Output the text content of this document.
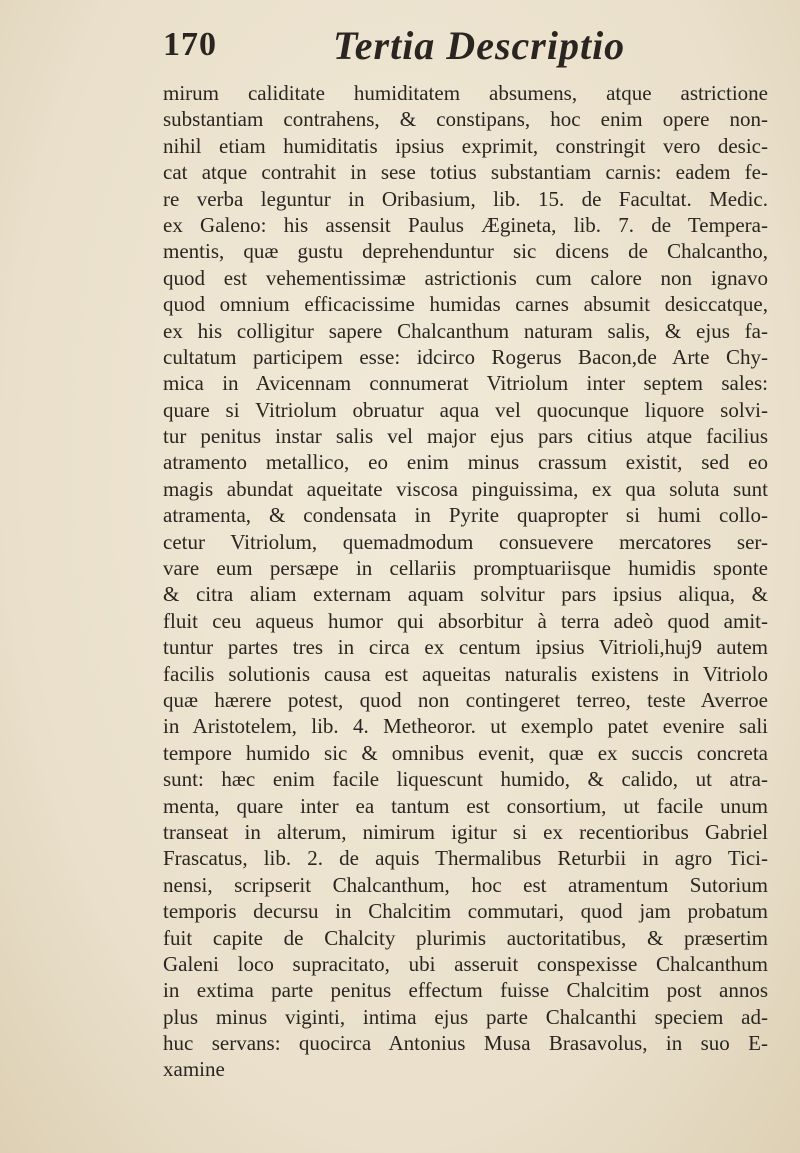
170	Tertia Descriptio
mirum caliditate humiditatem absumens, atque astrictione
substantiam contrahens, & constipans, hoc enim opere non-
nihil etiam humiditatis ipsius exprimit, constringit vero desic-
cat atque contrahit in sese totius substantiam carnis: eadem fe-
re verba leguntur in Oribasium, lib. 15. de Facultat. Medic.
ex Galeno: his assensit Paulus Ægineta, lib. 7. de Tempera-
mentis, quæ gustu deprehenduntur sic dicens de Chalcantho,
quod est vehementissimæ astrictionis cum calore non ignavo
quod omnium efficacissime humidas carnes absumit desiccatque,
ex his colligitur sapere Chalcanthum naturam salis, & ejus fa-
cultatum participem esse: idcirco Rogerus Bacon,de Arte Chy-
mica in Avicennam connumerat Vitriolum inter septem sales:
quare si Vitriolum obruatur aqua vel quocunque liquore solvi-
tur penitus instar salis vel major ejus pars citius atque facilius
atramento metallico, eo enim minus crassum existit, sed eo
magis abundat aqueitate viscosa pinguissima, ex qua soluta sunt
atramenta, & condensata in Pyrite quapropter si humi collo-
cetur Vitriolum, quemadmodum consuevere mercatores ser-
vare eum persæpe in cellariis promptuariisque humidis sponte
& citra aliam externam aquam solvitur pars ipsius aliqua, &
fluit ceu aqueus humor qui absorbitur à terra adeò quod amit-
tuntur partes tres in circa ex centum ipsius Vitrioli,huj9 autem
facilis solutionis causa est aqueitas naturalis existens in Vitriolo
quæ hærere potest, quod non contingeret terreo, teste Averroe
in Aristotelem, lib. 4. Metheoror. ut exemplo patet evenire sali
tempore humido sic & omnibus evenit, quæ ex succis concreta
sunt: hæc enim facile liquescunt humido, & calido, ut atra-
menta, quare inter ea tantum est consortium, ut facile unum
transeat in alterum, nimirum igitur si ex recentioribus Gabriel
Frascatus, lib. 2. de aquis Thermalibus Returbii in agro Tici-
nensi, scripserit Chalcanthum, hoc est atramentum Sutorium
temporis decursu in Chalcitim commutari, quod jam probatum
fuit capite de Chalcity plurimis auctoritatibus, & præsertim
Galeni loco supracitato, ubi asseruit conspexisse Chalcanthum
in extima parte penitus effectum fuisse Chalcitim post annos
plus minus viginti, intima ejus parte Chalcanthi speciem ad-
huc servans: quocirca Antonius Musa Brasavolus, in suo E-
xamine
